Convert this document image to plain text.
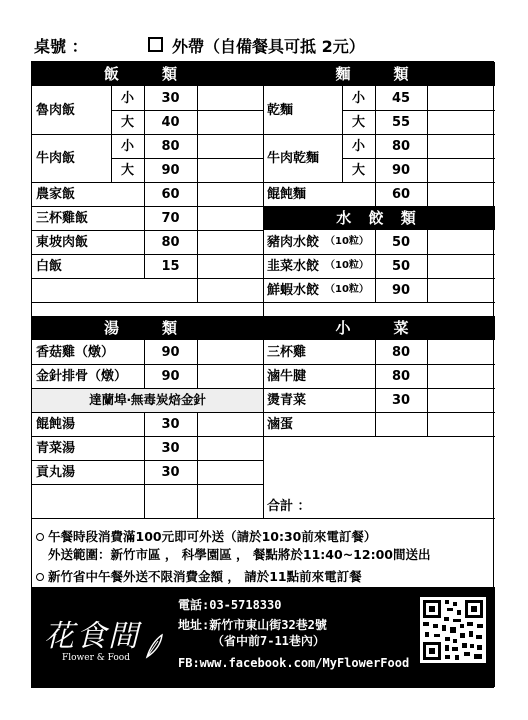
桌號 ：	外帶（自備餐具可抵 2元）
飯　類
魯肉飯
小	30
大	40
牛肉飯
小	80
大	90
農家飯	60
三杯雞飯	70
東坡肉飯	80
白飯	15
湯　類
香菇雞（燉）	90
金針排骨（燉）	90
達蘭埠‧無毒炭焙金針
餛飩湯	30
青菜湯	30
貢丸湯	30
麵　類
乾麵
小	45
大	55
牛肉乾麵
小	80
大	90
餛飩麵	60
水 餃 類
豬肉水餃 （10粒）	50
韭菜水餃 （10粒）	50
鮮蝦水餃 （10粒）	90
小　菜
三杯雞	80
滷牛腱	80
燙青菜	30
滷蛋
合計 ：
午餐時段消費滿100元即可外送（請於10:30前來電訂餐）
外送範圍：新竹市區 ， 科學園區 ， 餐點將於11:40~12:00間送出
新竹省中午餐外送不限消費金額 ， 請於11點前來電訂餐
花食間
Flower & Food
電話:03-5718330
地址:新竹市東山街32巷2號
（省中前7-11巷內）
FB:www.facebook.com/MyFlowerFood
